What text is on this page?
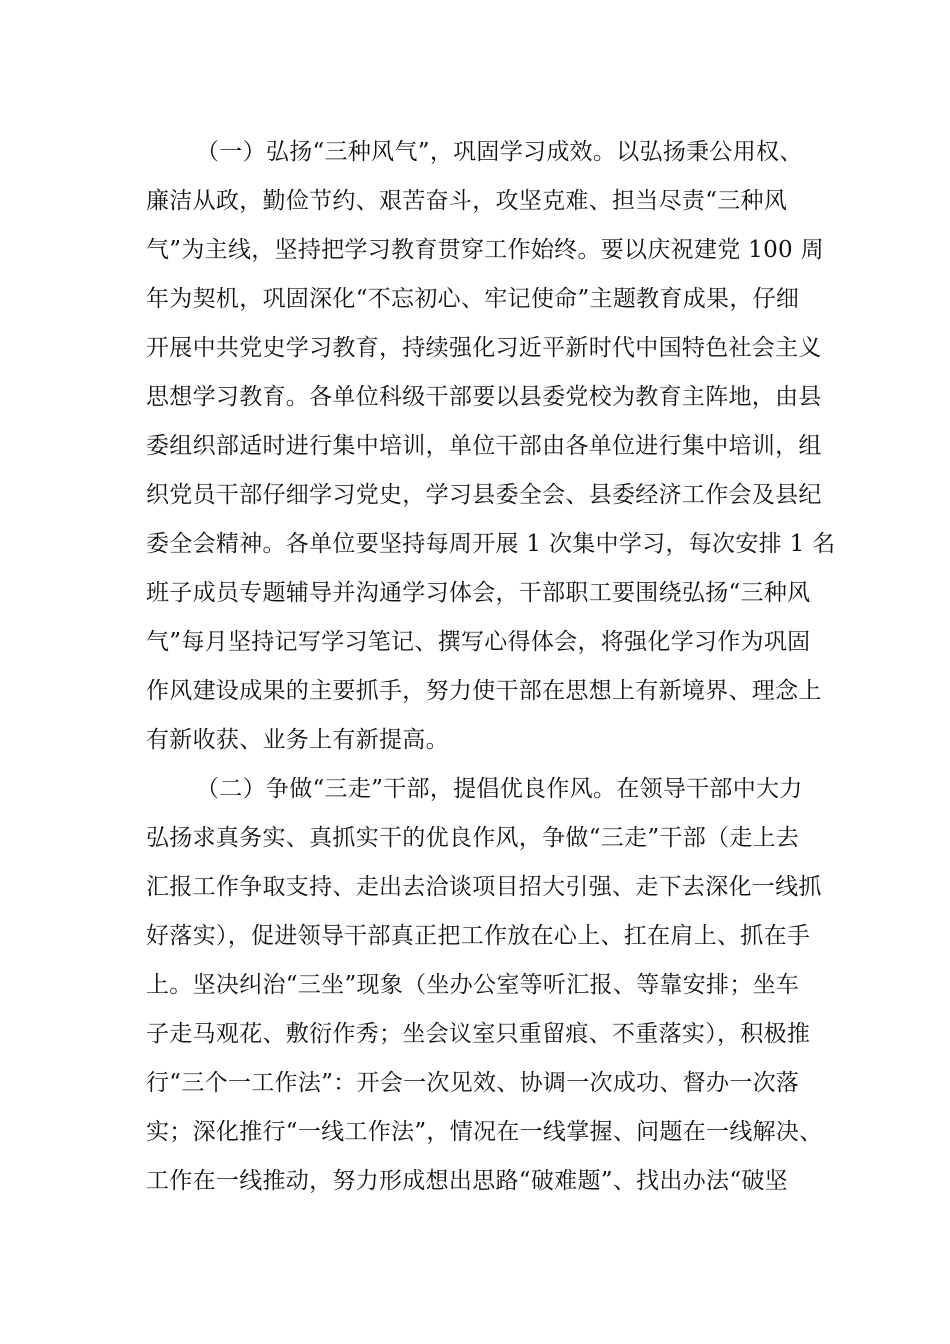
（一）弘扬“三种风气”，巩固学习成效。以弘扬秉公用权、
廉洁从政，勤俭节约、艰苦奋斗，攻坚克难、担当尽责“三种风
气”为主线，坚持把学习教育贯穿工作始终。要以庆祝建党 100 周
年为契机，巩固深化“不忘初心、牢记使命”主题教育成果，仔细
开展中共党史学习教育，持续强化习近平新时代中国特色社会主义
思想学习教育。各单位科级干部要以县委党校为教育主阵地，由县
委组织部适时进行集中培训，单位干部由各单位进行集中培训，组
织党员干部仔细学习党史，学习县委全会、县委经济工作会及县纪
委全会精神。各单位要坚持每周开展 1 次集中学习，每次安排 1 名
班子成员专题辅导并沟通学习体会，干部职工要围绕弘扬“三种风
气”每月坚持记写学习笔记、撰写心得体会，将强化学习作为巩固
作风建设成果的主要抓手，努力使干部在思想上有新境界、理念上
有新收获、业务上有新提高。
（二）争做“三走”干部，提倡优良作风。在领导干部中大力
弘扬求真务实、真抓实干的优良作风，争做“三走”干部（走上去
汇报工作争取支持、走出去洽谈项目招大引强、走下去深化一线抓
好落实），促进领导干部真正把工作放在心上、扛在肩上、抓在手
上。坚决纠治“三坐”现象（坐办公室等听汇报、等靠安排；坐车
子走马观花、敷衍作秀；坐会议室只重留痕、不重落实），积极推
行“三个一工作法”：开会一次见效、协调一次成功、督办一次落
实；深化推行“一线工作法”，情况在一线掌握、问题在一线解决、
工作在一线推动，努力形成想出思路“破难题”、找出办法“破坚
